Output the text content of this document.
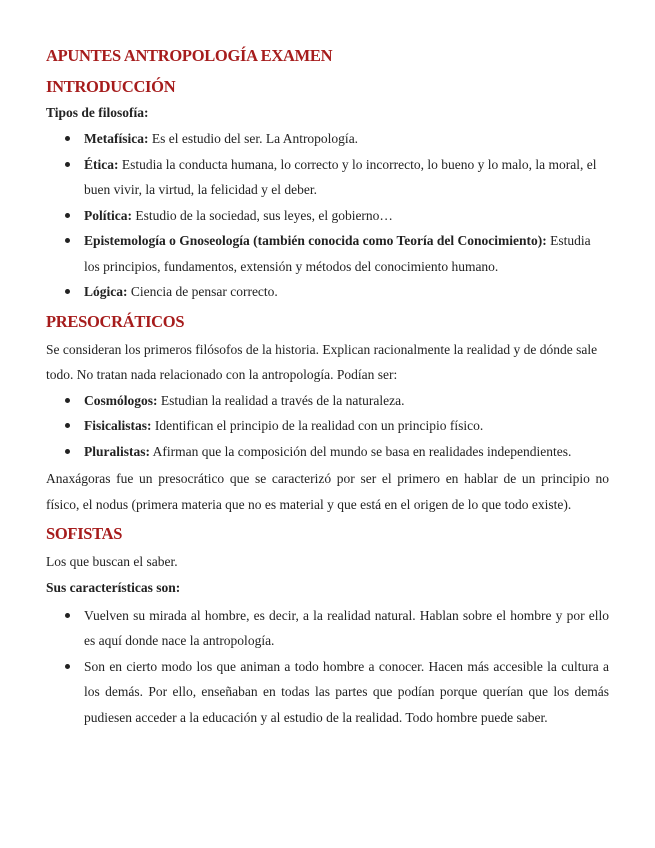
APUNTES ANTROPOLOGÍA EXAMEN
INTRODUCCIÓN
Tipos de filosofía:
Metafísica: Es el estudio del ser. La Antropología.
Ética: Estudia la conducta humana, lo correcto y lo incorrecto, lo bueno y lo malo, la moral, el buen vivir, la virtud, la felicidad y el deber.
Política: Estudio de la sociedad, sus leyes, el gobierno…
Epistemología o Gnoseología (también conocida como Teoría del Conocimiento): Estudia los principios, fundamentos, extensión y métodos del conocimiento humano.
Lógica: Ciencia de pensar correcto.
PRESOCRÁTICOS

Se consideran los primeros filósofos de la historia. Explican racionalmente la realidad y de dónde sale todo. No tratan nada relacionado con la antropología. Podían ser:

Cosmólogos: Estudian la realidad a través de la naturaleza.
Fisicalistas: Identifican el principio de la realidad con un principio físico.
Pluralistas: Afirman que la composición del mundo se basa en realidades independientes.

Anaxágoras fue un presocrático que se caracterizó por ser el primero en hablar de un principio no físico, el nodus (primera materia que no es material y que está en el origen de lo que todo existe).

SOFISTAS

Los que buscan el saber.

Sus características son:
Vuelven su mirada al hombre, es decir, a la realidad natural. Hablan sobre el hombre y por ello es aquí donde nace la antropología.
Son en cierto modo los que animan a todo hombre a conocer. Hacen más accesible la cultura a los demás. Por ello, enseñaban en todas las partes que podían porque querían que los demás pudiesen acceder a la educación y al estudio de la realidad. Todo hombre puede saber.
